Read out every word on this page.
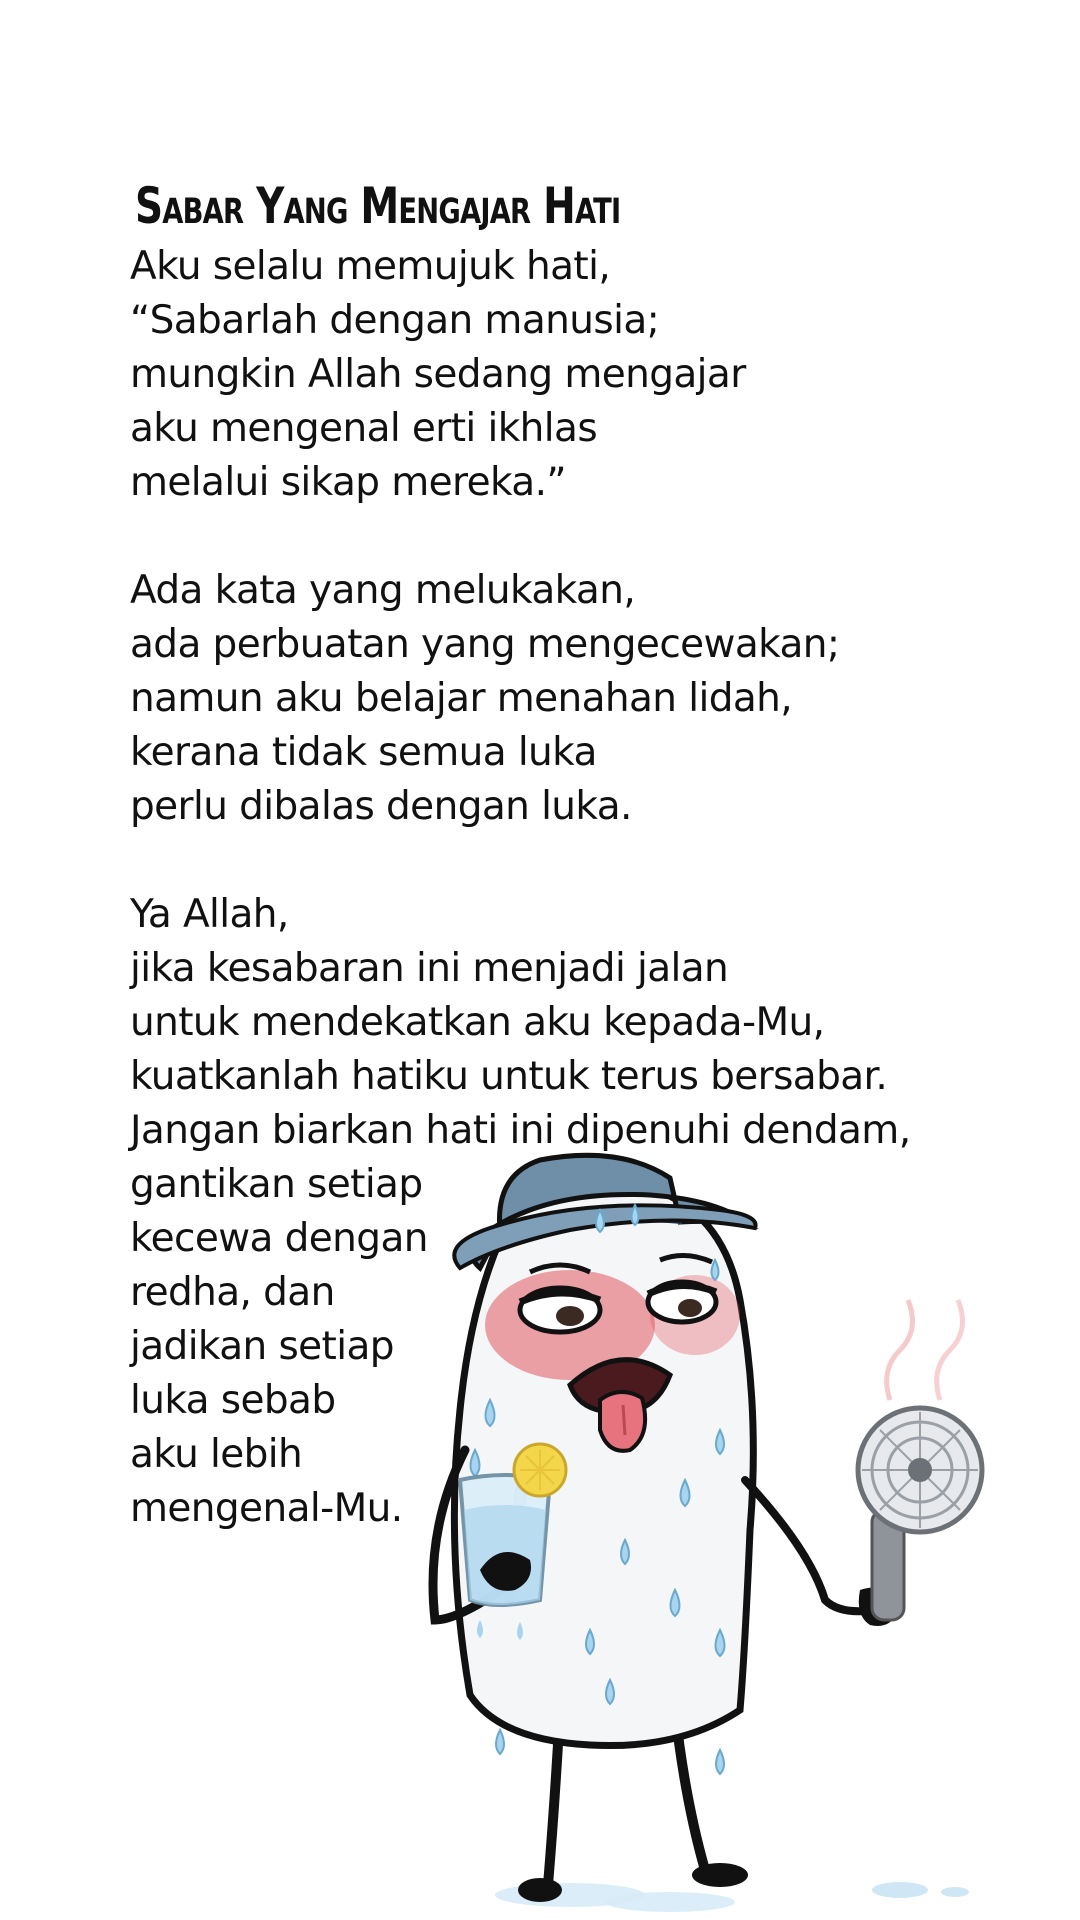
Sabar Yang Mengajar Hati
Aku selalu memujuk hati,
“Sabarlah dengan manusia;
mungkin Allah sedang mengajar
aku mengenal erti ikhlas
melalui sikap mereka.”
Ada kata yang melukakan,
ada perbuatan yang mengecewakan;
namun aku belajar menahan lidah,
kerana tidak semua luka
perlu dibalas dengan luka.
Ya Allah,
jika kesabaran ini menjadi jalan
untuk mendekatkan aku kepada-Mu,
kuatkanlah hatiku untuk terus bersabar.
Jangan biarkan hati ini dipenuhi dendam,
gantikan setiap
kecewa dengan
redha, dan
jadikan setiap
luka sebab
aku lebih
mengenal-Mu.
